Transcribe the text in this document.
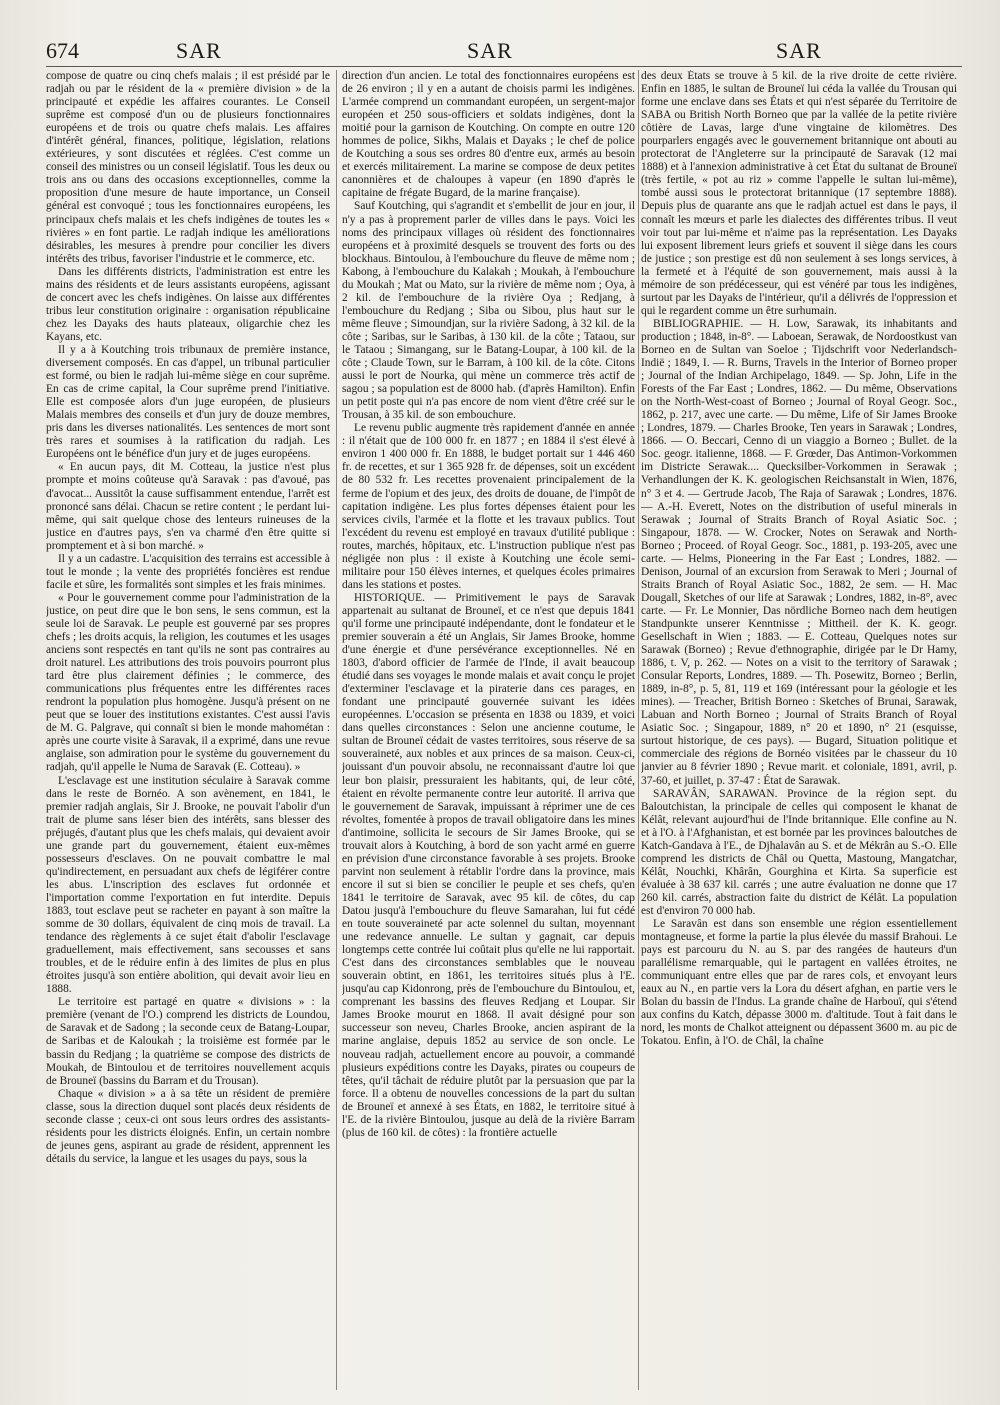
674	SAR	SAR	SAR

compose de quatre ou cinq chefs malais ; il est présidé par le radjah ou par le résident de la « première division » de la principauté et expédie les affaires courantes. Le Conseil suprême est composé d'un ou de plusieurs fonctionnaires européens et de trois ou quatre chefs malais. Les affaires d'intérêt général, finances, politique, législation, relations extérieures, y sont discutées et réglées. C'est comme un conseil des ministres ou un conseil législatif. Tous les deux ou trois ans ou dans des occasions exceptionnelles, comme la proposition d'une mesure de haute importance, un Conseil général est convoqué ; tous les fonctionnaires européens, les principaux chefs malais et les chefs indigènes de toutes les « rivières » en font partie. Le radjah indique les améliorations désirables, les mesures à prendre pour concilier les divers intérêts des tribus, favoriser l'industrie et le commerce, etc.

Dans les différents districts, l'administration est entre les mains des résidents et de leurs assistants européens, agissant de concert avec les chefs indigènes. On laisse aux différentes tribus leur constitution originaire : organisation républicaine chez les Dayaks des hauts plateaux, oligarchie chez les Kayans, etc.

Il y a à Koutching trois tribunaux de première instance, diversement composés. En cas d'appel, un tribunal particulier est formé, ou bien le radjah lui-même siège en cour suprême. En cas de crime capital, la Cour suprême prend l'initiative. Elle est composée alors d'un juge européen, de plusieurs Malais membres des conseils et d'un jury de douze membres, pris dans les diverses nationalités. Les sentences de mort sont très rares et soumises à la ratification du radjah. Les Européens ont le bénéfice d'un jury et de juges européens.

« En aucun pays, dit M. Cotteau, la justice n'est plus prompte et moins coûteuse qu'à Saravak : pas d'avoué, pas d'avocat... Aussitôt la cause suffisamment entendue, l'arrêt est prononcé sans délai. Chacun se retire content ; le perdant lui-même, qui sait quelque chose des lenteurs ruineuses de la justice en d'autres pays, s'en va charmé d'en être quitte si promptement et à si bon marché. »

Il y a un cadastre. L'acquisition des terrains est accessible à tout le monde ; la vente des propriétés foncières est rendue facile et sûre, les formalités sont simples et les frais minimes.

« Pour le gouvernement comme pour l'administration de la justice, on peut dire que le bon sens, le sens commun, est la seule loi de Saravak. Le peuple est gouverné par ses propres chefs ; les droits acquis, la religion, les coutumes et les usages anciens sont respectés en tant qu'ils ne sont pas contraires au droit naturel. Les attributions des trois pouvoirs pourront plus tard être plus clairement définies ; le commerce, des communications plus fréquentes entre les différentes races rendront la population plus homogène. Jusqu'à présent on ne peut que se louer des institutions existantes. C'est aussi l'avis de M. G. Palgrave, qui connaît si bien le monde mahométan : après une courte visite à Saravak, il a exprimé, dans une revue anglaise, son admiration pour le système du gouvernement du radjah, qu'il appelle le Numa de Saravak (E. Cotteau). »

L'esclavage est une institution séculaire à Saravak comme dans le reste de Bornéo. A son avènement, en 1841, le premier radjah anglais, Sir J. Brooke, ne pouvait l'abolir d'un trait de plume sans léser bien des intérêts, sans blesser des préjugés, d'autant plus que les chefs malais, qui devaient avoir une grande part du gouvernement, étaient eux-mêmes possesseurs d'esclaves. On ne pouvait combattre le mal qu'indirectement, en persuadant aux chefs de légiférer contre les abus. L'inscription des esclaves fut ordonnée et l'importation comme l'exportation en fut interdite. Depuis 1883, tout esclave peut se racheter en payant à son maître la somme de 30 dollars, équivalent de cinq mois de travail. La tendance des règlements à ce sujet était d'abolir l'esclavage graduellement, mais effectivement, sans secousses et sans troubles, et de le réduire enfin à des limites de plus en plus étroites jusqu'à son entière abolition, qui devait avoir lieu en 1888.

Le territoire est partagé en quatre « divisions » : la première (venant de l'O.) comprend les districts de Loundou, de Saravak et de Sadong ; la seconde ceux de Batang-Loupar, de Saribas et de Kaloukah ; la troisième est formée par le bassin du Redjang ; la quatrième se compose des districts de Moukah, de Bintoulou et de territoires nouvellement acquis de Brouneï (bassins du Barram et du Trousan).

Chaque « division » a à sa tête un résident de première classe, sous la direction duquel sont placés deux résidents de seconde classe ; ceux-ci ont sous leurs ordres des assistants-résidents pour les districts éloignés. Enfin, un certain nombre de jeunes gens, aspirant au grade de résident, apprennent les détails du service, la langue et les usages du pays, sous la

direction d'un ancien. Le total des fonctionnaires européens est de 26 environ ; il y en a autant de choisis parmi les indigènes. L'armée comprend un commandant européen, un sergent-major européen et 250 sous-officiers et soldats indigènes, dont la moitié pour la garnison de Koutching. On compte en outre 120 hommes de police, Sikhs, Malais et Dayaks ; le chef de police de Koutching a sous ses ordres 80 d'entre eux, armés au besoin et exercés militairement. La marine se compose de deux petites canonnières et de chaloupes à vapeur (en 1890 d'après le capitaine de frégate Bugard, de la marine française).

Sauf Koutching, qui s'agrandit et s'embellit de jour en jour, il n'y a pas à proprement parler de villes dans le pays. Voici les noms des principaux villages où résident des fonctionnaires européens et à proximité desquels se trouvent des forts ou des blockhaus. Bintoulou, à l'embouchure du fleuve de même nom ; Kabong, à l'embouchure du Kalakah ; Moukah, à l'embouchure du Moukah ; Mat ou Mato, sur la rivière de même nom ; Oya, à 2 kil. de l'embouchure de la rivière Oya ; Redjang, à l'embouchure du Redjang ; Siba ou Sibou, plus haut sur le même fleuve ; Simoundjan, sur la rivière Sadong, à 32 kil. de la côte ; Saribas, sur le Saribas, à 130 kil. de la côte ; Tataou, sur le Tataou ; Simangang, sur le Batang-Loupar, à 100 kil. de la côte ; Claude Town, sur le Barram, à 100 kil. de la côte. Citons aussi le port de Nourka, qui mène un commerce très actif de sagou ; sa population est de 8000 hab. (d'après Hamilton). Enfin un petit poste qui n'a pas encore de nom vient d'être créé sur le Trousan, à 35 kil. de son embouchure.

Le revenu public augmente très rapidement d'année en année : il n'était que de 100 000 fr. en 1877 ; en 1884 il s'est élevé à environ 1 400 000 fr. En 1888, le budget portait sur 1 446 460 fr. de recettes, et sur 1 365 928 fr. de dépenses, soit un excédent de 80 532 fr. Les recettes provenaient principalement de la ferme de l'opium et des jeux, des droits de douane, de l'impôt de capitation indigène. Les plus fortes dépenses étaient pour les services civils, l'armée et la flotte et les travaux publics. Tout l'excédent du revenu est employé en travaux d'utilité publique : routes, marchés, hôpitaux, etc. L'instruction publique n'est pas négligée non plus : il existe à Koutching une école semi-militaire pour 150 élèves internes, et quelques écoles primaires dans les stations et postes.

HISTORIQUE. — Primitivement le pays de Saravak appartenait au sultanat de Brouneï, et ce n'est que depuis 1841 qu'il forme une principauté indépendante, dont le fondateur et le premier souverain a été un Anglais, Sir James Brooke, homme d'une énergie et d'une persévérance exceptionnelles. Né en 1803, d'abord officier de l'armée de l'Inde, il avait beaucoup étudié dans ses voyages le monde malais et avait conçu le projet d'exterminer l'esclavage et la piraterie dans ces parages, en fondant une principauté gouvernée suivant les idées européennes. L'occasion se présenta en 1838 ou 1839, et voici dans quelles circonstances : Selon une ancienne coutume, le sultan de Brouneï cédait de vastes territoires, sous réserve de sa souveraineté, aux nobles et aux princes de sa maison. Ceux-ci, jouissant d'un pouvoir absolu, ne reconnaissant d'autre loi que leur bon plaisir, pressuraient les habitants, qui, de leur côté, étaient en révolte permanente contre leur autorité. Il arriva que le gouvernement de Saravak, impuissant à réprimer une de ces révoltes, fomentée à propos de travail obligatoire dans les mines d'antimoine, sollicita le secours de Sir James Brooke, qui se trouvait alors à Koutching, à bord de son yacht armé en guerre en prévision d'une circonstance favorable à ses projets. Brooke parvint non seulement à rétablir l'ordre dans la province, mais encore il sut si bien se concilier le peuple et ses chefs, qu'en 1841 le territoire de Saravak, avec 95 kil. de côtes, du cap Datou jusqu'à l'embouchure du fleuve Samarahan, lui fut cédé en toute souveraineté par acte solennel du sultan, moyennant une redevance annuelle. Le sultan y gagnait, car depuis longtemps cette contrée lui coûtait plus qu'elle ne lui rapportait. C'est dans des circonstances semblables que le nouveau souverain obtint, en 1861, les territoires situés plus à l'E. jusqu'au cap Kidonrong, près de l'embouchure du Bintoulou, et, comprenant les bassins des fleuves Redjang et Loupar. Sir James Brooke mourut en 1868. Il avait désigné pour son successeur son neveu, Charles Brooke, ancien aspirant de la marine anglaise, depuis 1852 au service de son oncle. Le nouveau radjah, actuellement encore au pouvoir, a commandé plusieurs expéditions contre les Dayaks, pirates ou coupeurs de têtes, qu'il tâchait de réduire plutôt par la persuasion que par la force. Il a obtenu de nouvelles concessions de la part du sultan de Brouneï et annexé à ses États, en 1882, le territoire situé à l'E. de la rivière Bintoulou, jusque au delà de la rivière Barram (plus de 160 kil. de côtes) : la frontière actuelle

des deux États se trouve à 5 kil. de la rive droite de cette rivière. Enfin en 1885, le sultan de Brouneï lui céda la vallée du Trousan qui forme une enclave dans ses États et qui n'est séparée du Territoire de SABA ou British North Borneo que par la vallée de la petite rivière côtière de Lavas, large d'une vingtaine de kilomètres. Des pourparlers engagés avec le gouvernement britannique ont abouti au protectorat de l'Angleterre sur la principauté de Saravak (12 mai 1888) et à l'annexion administrative à cet État du sultanat de Brouneï (très fertile, « pot au riz » comme l'appelle le sultan lui-même), tombé aussi sous le protectorat britannique (17 septembre 1888). Depuis plus de quarante ans que le radjah actuel est dans le pays, il connaît les mœurs et parle les dialectes des différentes tribus. Il veut voir tout par lui-même et n'aime pas la représentation. Les Dayaks lui exposent librement leurs griefs et souvent il siège dans les cours de justice ; son prestige est dû non seulement à ses longs services, à la fermeté et à l'équité de son gouvernement, mais aussi à la mémoire de son prédécesseur, qui est vénéré par tous les indigènes, surtout par les Dayaks de l'intérieur, qu'il a délivrés de l'oppression et qui le regardent comme un être surhumain.

BIBLIOGRAPHIE. — H. Low, Sarawak, its inhabitants and production ; 1848, in-8°. — Laboean, Serawak, de Nordoostkust van Borneo en de Sultan van Soeloe ; Tijdschrift voor Nederlandsch-Indië ; 1849, I. — R. Burns, Travels in the Interior of Borneo proper ; Journal of the Indian Archipelago, 1849. — Sp. John, Life in the Forests of the Far East ; Londres, 1862. — Du même, Observations on the North-West-coast of Borneo ; Journal of Royal Geogr. Soc., 1862, p. 217, avec une carte. — Du même, Life of Sir James Brooke ; Londres, 1879. — Charles Brooke, Ten years in Sarawak ; Londres, 1866. — O. Beccari, Cenno di un viaggio a Borneo ; Bullet. de la Soc. geogr. italienne, 1868. — F. Grœder, Das Antimon-Vorkommen im Districte Serawak.... Quecksilber-Vorkommen in Serawak ; Verhandlungen der K. K. geologischen Reichsanstalt in Wien, 1876, n° 3 et 4. — Gertrude Jacob, The Raja of Sarawak ; Londres, 1876. — A.-H. Everett, Notes on the distribution of useful minerals in Serawak ; Journal of Straits Branch of Royal Asiatic Soc. ; Singapour, 1878. — W. Crocker, Notes on Serawak and North-Borneo ; Proceed. of Royal Geogr. Soc., 1881, p. 193-205, avec une carte. — Helms, Pioneering in the Far East ; Londres, 1882. — Denison, Journal of an excursion from Serawak to Meri ; Journal of Straits Branch of Royal Asiatic Soc., 1882, 2e sem. — H. Mac Dougall, Sketches of our life at Sarawak ; Londres, 1882, in-8°, avec carte. — Fr. Le Monnier, Das nördliche Borneo nach dem heutigen Standpunkte unserer Kenntnisse ; Mittheil. der K. K. geogr. Gesellschaft in Wien ; 1883. — E. Cotteau, Quelques notes sur Sarawak (Borneo) ; Revue d'ethnographie, dirigée par le Dr Hamy, 1886, t. V, p. 262. — Notes on a visit to the territory of Sarawak ; Consular Reports, Londres, 1889. — Th. Posewitz, Borneo ; Berlin, 1889, in-8°, p. 5, 81, 119 et 169 (intéressant pour la géologie et les mines). — Treacher, British Borneo : Sketches of Brunai, Sarawak, Labuan and North Borneo ; Journal of Straits Branch of Royal Asiatic Soc. ; Singapour, 1889, n° 20 et 1890, n° 21 (esquisse, surtout historique, de ces pays). — Bugard, Situation politique et commerciale des régions de Bornéo visitées par le chasseur du 10 janvier au 8 février 1890 ; Revue marit. et coloniale, 1891, avril, p. 37-60, et juillet, p. 37-47 : État de Sarawak.

SARAVÂN, SARAWAN. Province de la région sept. du Baloutchistan, la principale de celles qui composent le khanat de Kélât, relevant aujourd'hui de l'Inde britannique. Elle confine au N. et à l'O. à l'Afghanistan, et est bornée par les provinces baloutches de Katch-Gandava à l'E., de Djhalavân au S. et de Mékrân au S.-O. Elle comprend les districts de Châl ou Quetta, Mastoung, Mangatchar, Kélât, Nouchki, Khârân, Gourghina et Kirta. Sa superficie est évaluée à 38 637 kil. carrés ; une autre évaluation ne donne que 17 260 kil. carrés, abstraction faite du district de Kélât. La population est d'environ 70 000 hab.

Le Saravân est dans son ensemble une région essentiellement montagneuse, et forme la partie la plus élevée du massif Brahoui. Le pays est parcouru du N. au S. par des rangées de hauteurs d'un parallélisme remarquable, qui le partagent en vallées étroites, ne communiquant entre elles que par de rares cols, et envoyant leurs eaux au N., en partie vers la Lora du désert afghan, en partie vers le Bolan du bassin de l'Indus. La grande chaîne de Harbouï, qui s'étend aux confins du Katch, dépasse 3000 m. d'altitude. Tout à fait dans le nord, les monts de Chalkot atteignent ou dépassent 3600 m. au pic de Tokatou. Enfin, à l'O. de Châl, la chaîne
